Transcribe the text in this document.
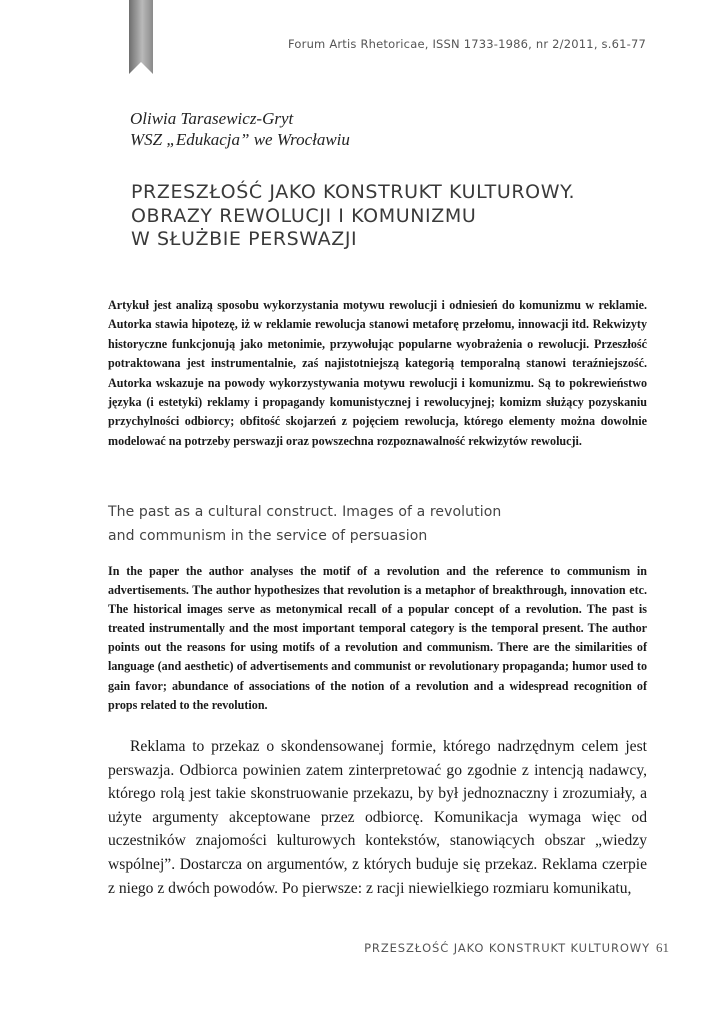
Forum Artis Rhetoricae, ISSN 1733-1986, nr 2/2011, s.61-77
Oliwia Tarasewicz-Gryt
WSZ „Edukacja” we Wrocławiu
PRZESZŁOŚĆ JAKO KONSTRUKT KULTUROWY.
OBRAZY REWOLUCJI I KOMUNIZMU
W SŁUŻBIE PERSWAZJI

Artykuł jest analizą sposobu wykorzystania motywu rewolucji i odniesień do komunizmu w reklamie. Autorka stawia hipotezę, iż w reklamie rewolucja stanowi metaforę przełomu, innowacji itd. Rekwizyty historyczne funkcjonują jako metonimie, przywołując popularne wyobrażenia o rewolucji. Przeszłość potraktowana jest instrumentalnie, zaś najistotniejszą kategorią temporalną stanowi teraźniejszość. Autorka wskazuje na powody wykorzystywania motywu rewolucji i komunizmu. Są to pokrewieństwo języka (i estetyki) reklamy i propagandy komunistycznej i rewolucyjnej; komizm służący pozyskaniu przychylności odbiorcy; obfitość skojarzeń z pojęciem rewolucja, którego elementy można dowolnie modelować na potrzeby perswazji oraz powszechna rozpoznawalność rekwizytów rewolucji.

The past as a cultural construct. Images of a revolution
and communism in the service of persuasion

In the paper the author analyses the motif of a revolution and the reference to communism in advertisements. The author hypothesizes that revolution is a metaphor of breakthrough, innovation etc. The historical images serve as metonymical recall of a popular concept of a revolution. The past is treated instrumentally and the most important temporal category is the temporal present. The author points out the reasons for using motifs of a revolution and communism. There are the similarities of language (and aesthetic) of advertisements and communist or revolutionary propaganda; humor used to gain favor; abundance of associations of the notion of a revolution and a widespread recognition of props related to the revolution.

Reklama to przekaz o skondensowanej formie, którego nadrzędnym celem jest perswazja. Odbiorca powinien zatem zinterpretować go zgodnie z intencją nadawcy, którego rolą jest takie skonstruowanie przekazu, by był jednoznaczny i zrozumiały, a użyte argumenty akceptowane przez odbiorcę. Komunikacja wymaga więc od uczestników znajomości kulturowych kontekstów, stanowiących obszar „wiedzy wspólnej”. Dostarcza on argumentów, z których buduje się przekaz. Reklama czerpie z niego z dwóch powodów. Po pierwsze: z racji niewielkiego rozmiaru komunikatu,

PRZESZŁOŚĆ JAKO KONSTRUKT KULTUROWY 61
